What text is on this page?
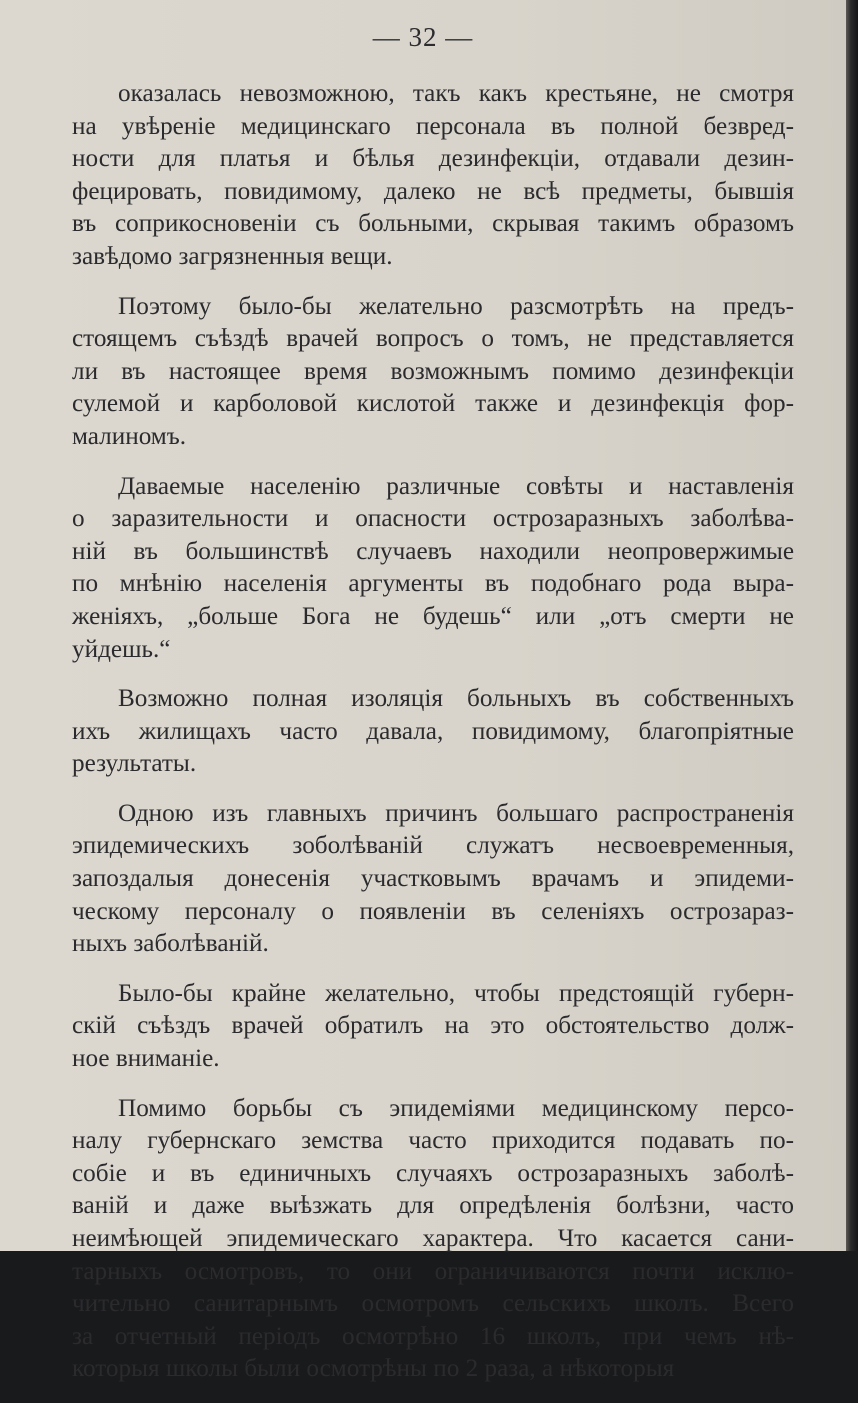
— 32 —
оказалась невозможною, такъ какъ крестьяне, не смотря
на увѣреніе медицинскаго персонала въ полной безвред-
ности для платья и бѣлья дезинфекціи, отдавали дезин-
фецировать, повидимому, далеко не всѣ предметы, бывшія
въ соприкосновеніи съ больными, скрывая такимъ образомъ
завѣдомо загрязненныя вещи.
Поэтому было-бы желательно разсмотрѣть на предъ-
стоящемъ съѣздѣ врачей вопросъ о томъ, не представляется
ли въ настоящее время возможнымъ помимо дезинфекціи
сулемой и карболовой кислотой также и дезинфекція фор-
малиномъ.
Даваемые населенію различные совѣты и наставленія
о заразительности и опасности острозаразныхъ заболѣва-
ній въ большинствѣ случаевъ находили неопровержимые
по мнѣнію населенія аргументы въ подобнаго рода выра-
женіяхъ, „больше Бога не будешь“ или „отъ смерти не
уйдешь.“
Возможно полная изоляція больныхъ въ собственныхъ
ихъ жилищахъ часто давала, повидимому, благопріятные
результаты.
Одною изъ главныхъ причинъ большаго распространенія
эпидемическихъ зоболѣваній служатъ несвоевременныя,
запоздалыя донесенія участковымъ врачамъ и эпидеми-
ческому персоналу о появленіи въ селеніяхъ острозараз-
ныхъ заболѣваній.
Было-бы крайне желательно, чтобы предстоящій губерн-
скій съѣздъ врачей обратилъ на это обстоятельство долж-
ное вниманіе.
Помимо борьбы съ эпидеміями медицинскому персо-
налу губернскаго земства часто приходится подавать по-
собіе и въ единичныхъ случаяхъ острозаразныхъ заболѣ-
ваній и даже выѣзжать для опредѣленія болѣзни, часто
неимѣющей эпидемическаго характера. Что касается сани-
тарныхъ осмотровъ, то они ограничиваются почти исклю-
чительно санитарнымъ осмотромъ сельскихъ школъ. Всего
за отчетный періодъ осмотрѣно 16 школъ, при чемъ нѣ-
которыя школы были осмотрѣны по 2 раза, а нѣкоторыя
